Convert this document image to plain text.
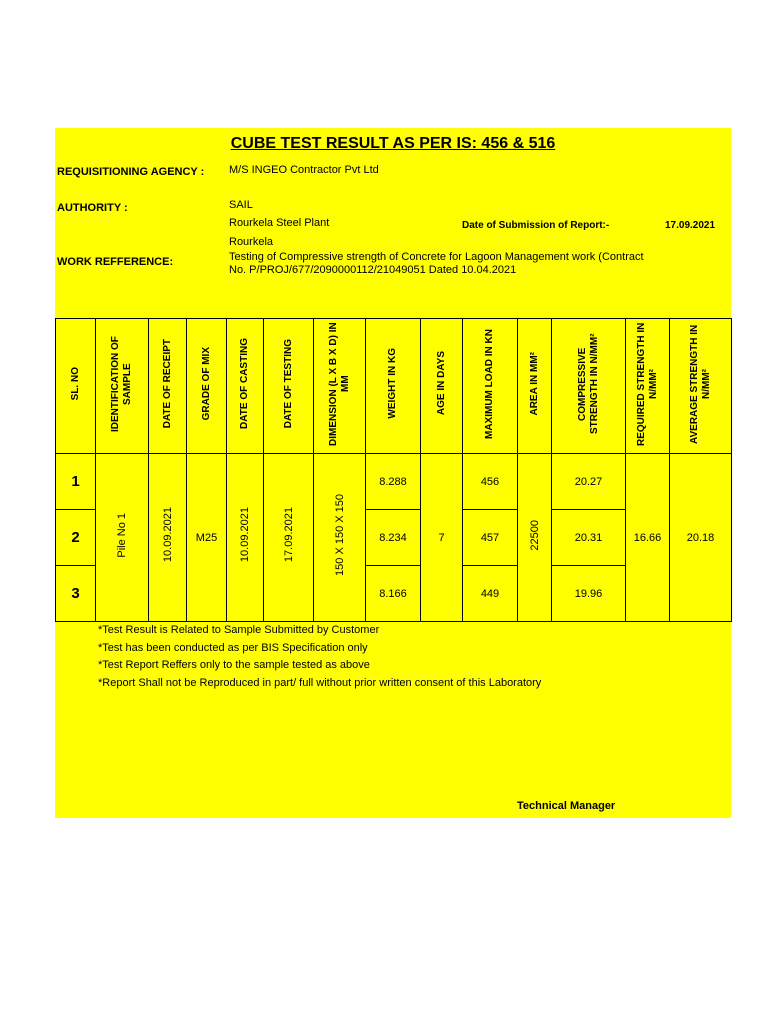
CUBE TEST RESULT AS PER IS: 456 & 516
REQUISITIONING AGENCY : M/S INGEO Contractor Pvt Ltd
AUTHORITY :	SAIL
Rourkela Steel Plant
Rourkela
Date of Submission of Report:-	17.09.2021
WORK REFFERENCE:	Testing of Compressive strength of Concrete for Lagoon Management work (Contract
No. P/PROJ/677/2090000112/21049051 Dated 10.04.2021
SL. NO	IDENTIFICATION OF SAMPLE	DATE OF RECEIPT	GRADE OF MIX	DATE OF CASTING	DATE OF TESTING	DIMENSION (L X B X D) IN MM	WEIGHT IN KG	AGE IN DAYS	MAXIMUM LOAD IN KN	AREA IN MM²	COMPRESSIVE STRENGTH IN N/MM²	REQUIRED STRENGTH IN N/MM²	AVERAGE STRENGTH IN N/MM²
1	Pile No 1	10.09.2021	M25	10.09.2021	17.09.2021	150 X 150 X 150	8.288	7	456	22500	20.27	16.66	20.18
2							8.234		457		20.31		
3							8.166		449		19.96		
*Test Result is Related to Sample Submitted by Customer
*Test has been conducted as per BIS Specification only
*Test Report Reffers only to the sample tested as above
*Report Shall not be Reproduced in part/ full without prior written consent of this Laboratory
Technical Manager
